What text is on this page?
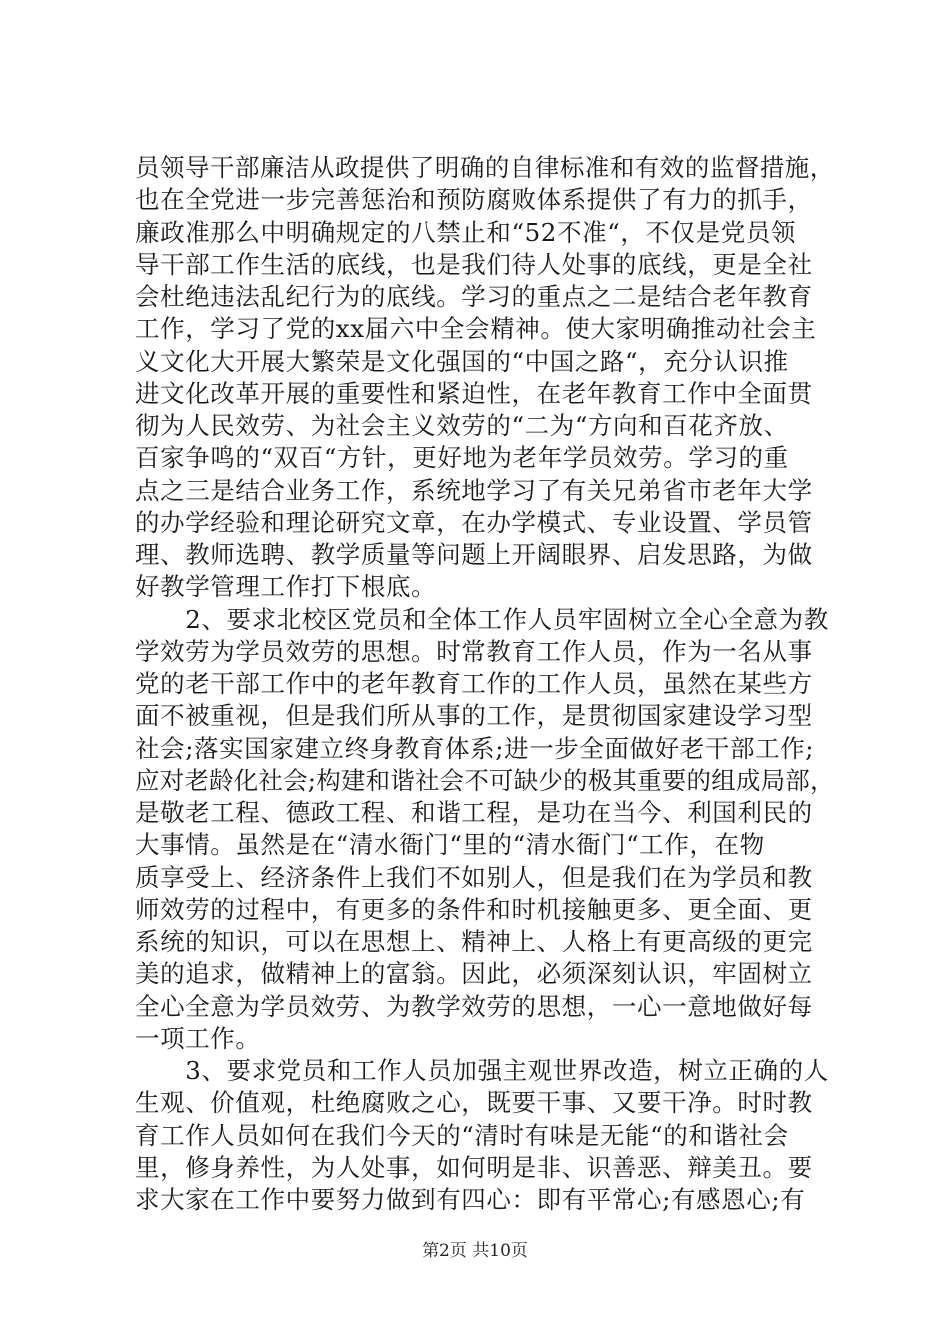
员领导干部廉洁从政提供了明确的自律标准和有效的监督措施，
也在全党进一步完善惩治和预防腐败体系提供了有力的抓手，
廉政准那么中明确规定的八禁止和“52不准“，不仅是党员领
导干部工作生活的底线，也是我们待人处事的底线，更是全社
会杜绝违法乱纪行为的底线。学习的重点之二是结合老年教育
工作，学习了党的xx届六中全会精神。使大家明确推动社会主
义文化大开展大繁荣是文化强国的“中国之路“，充分认识推
进文化改革开展的重要性和紧迫性，在老年教育工作中全面贯
彻为人民效劳、为社会主义效劳的“二为“方向和百花齐放、
百家争鸣的“双百“方针，更好地为老年学员效劳。学习的重
点之三是结合业务工作，系统地学习了有关兄弟省市老年大学
的办学经验和理论研究文章，在办学模式、专业设置、学员管
理、教师选聘、教学质量等问题上开阔眼界、启发思路，为做
好教学管理工作打下根底。
　　2、要求北校区党员和全体工作人员牢固树立全心全意为教
学效劳为学员效劳的思想。时常教育工作人员，作为一名从事
党的老干部工作中的老年教育工作的工作人员，虽然在某些方
面不被重视，但是我们所从事的工作，是贯彻国家建设学习型
社会;落实国家建立终身教育体系;进一步全面做好老干部工作;
应对老龄化社会;构建和谐社会不可缺少的极其重要的组成局部，
是敬老工程、德政工程、和谐工程，是功在当今、利国利民的
大事情。虽然是在“清水衙门“里的“清水衙门“工作，在物
质享受上、经济条件上我们不如别人，但是我们在为学员和教
师效劳的过程中，有更多的条件和时机接触更多、更全面、更
系统的知识，可以在思想上、精神上、人格上有更高级的更完
美的追求，做精神上的富翁。因此，必须深刻认识，牢固树立
全心全意为学员效劳、为教学效劳的思想，一心一意地做好每
一项工作。
　　3、要求党员和工作人员加强主观世界改造，树立正确的人
生观、价值观，杜绝腐败之心，既要干事、又要干净。时时教
育工作人员如何在我们今天的“清时有味是无能“的和谐社会
里，修身养性，为人处事，如何明是非、识善恶、辩美丑。要
求大家在工作中要努力做到有四心：即有平常心;有感恩心;有
第2页 共10页
